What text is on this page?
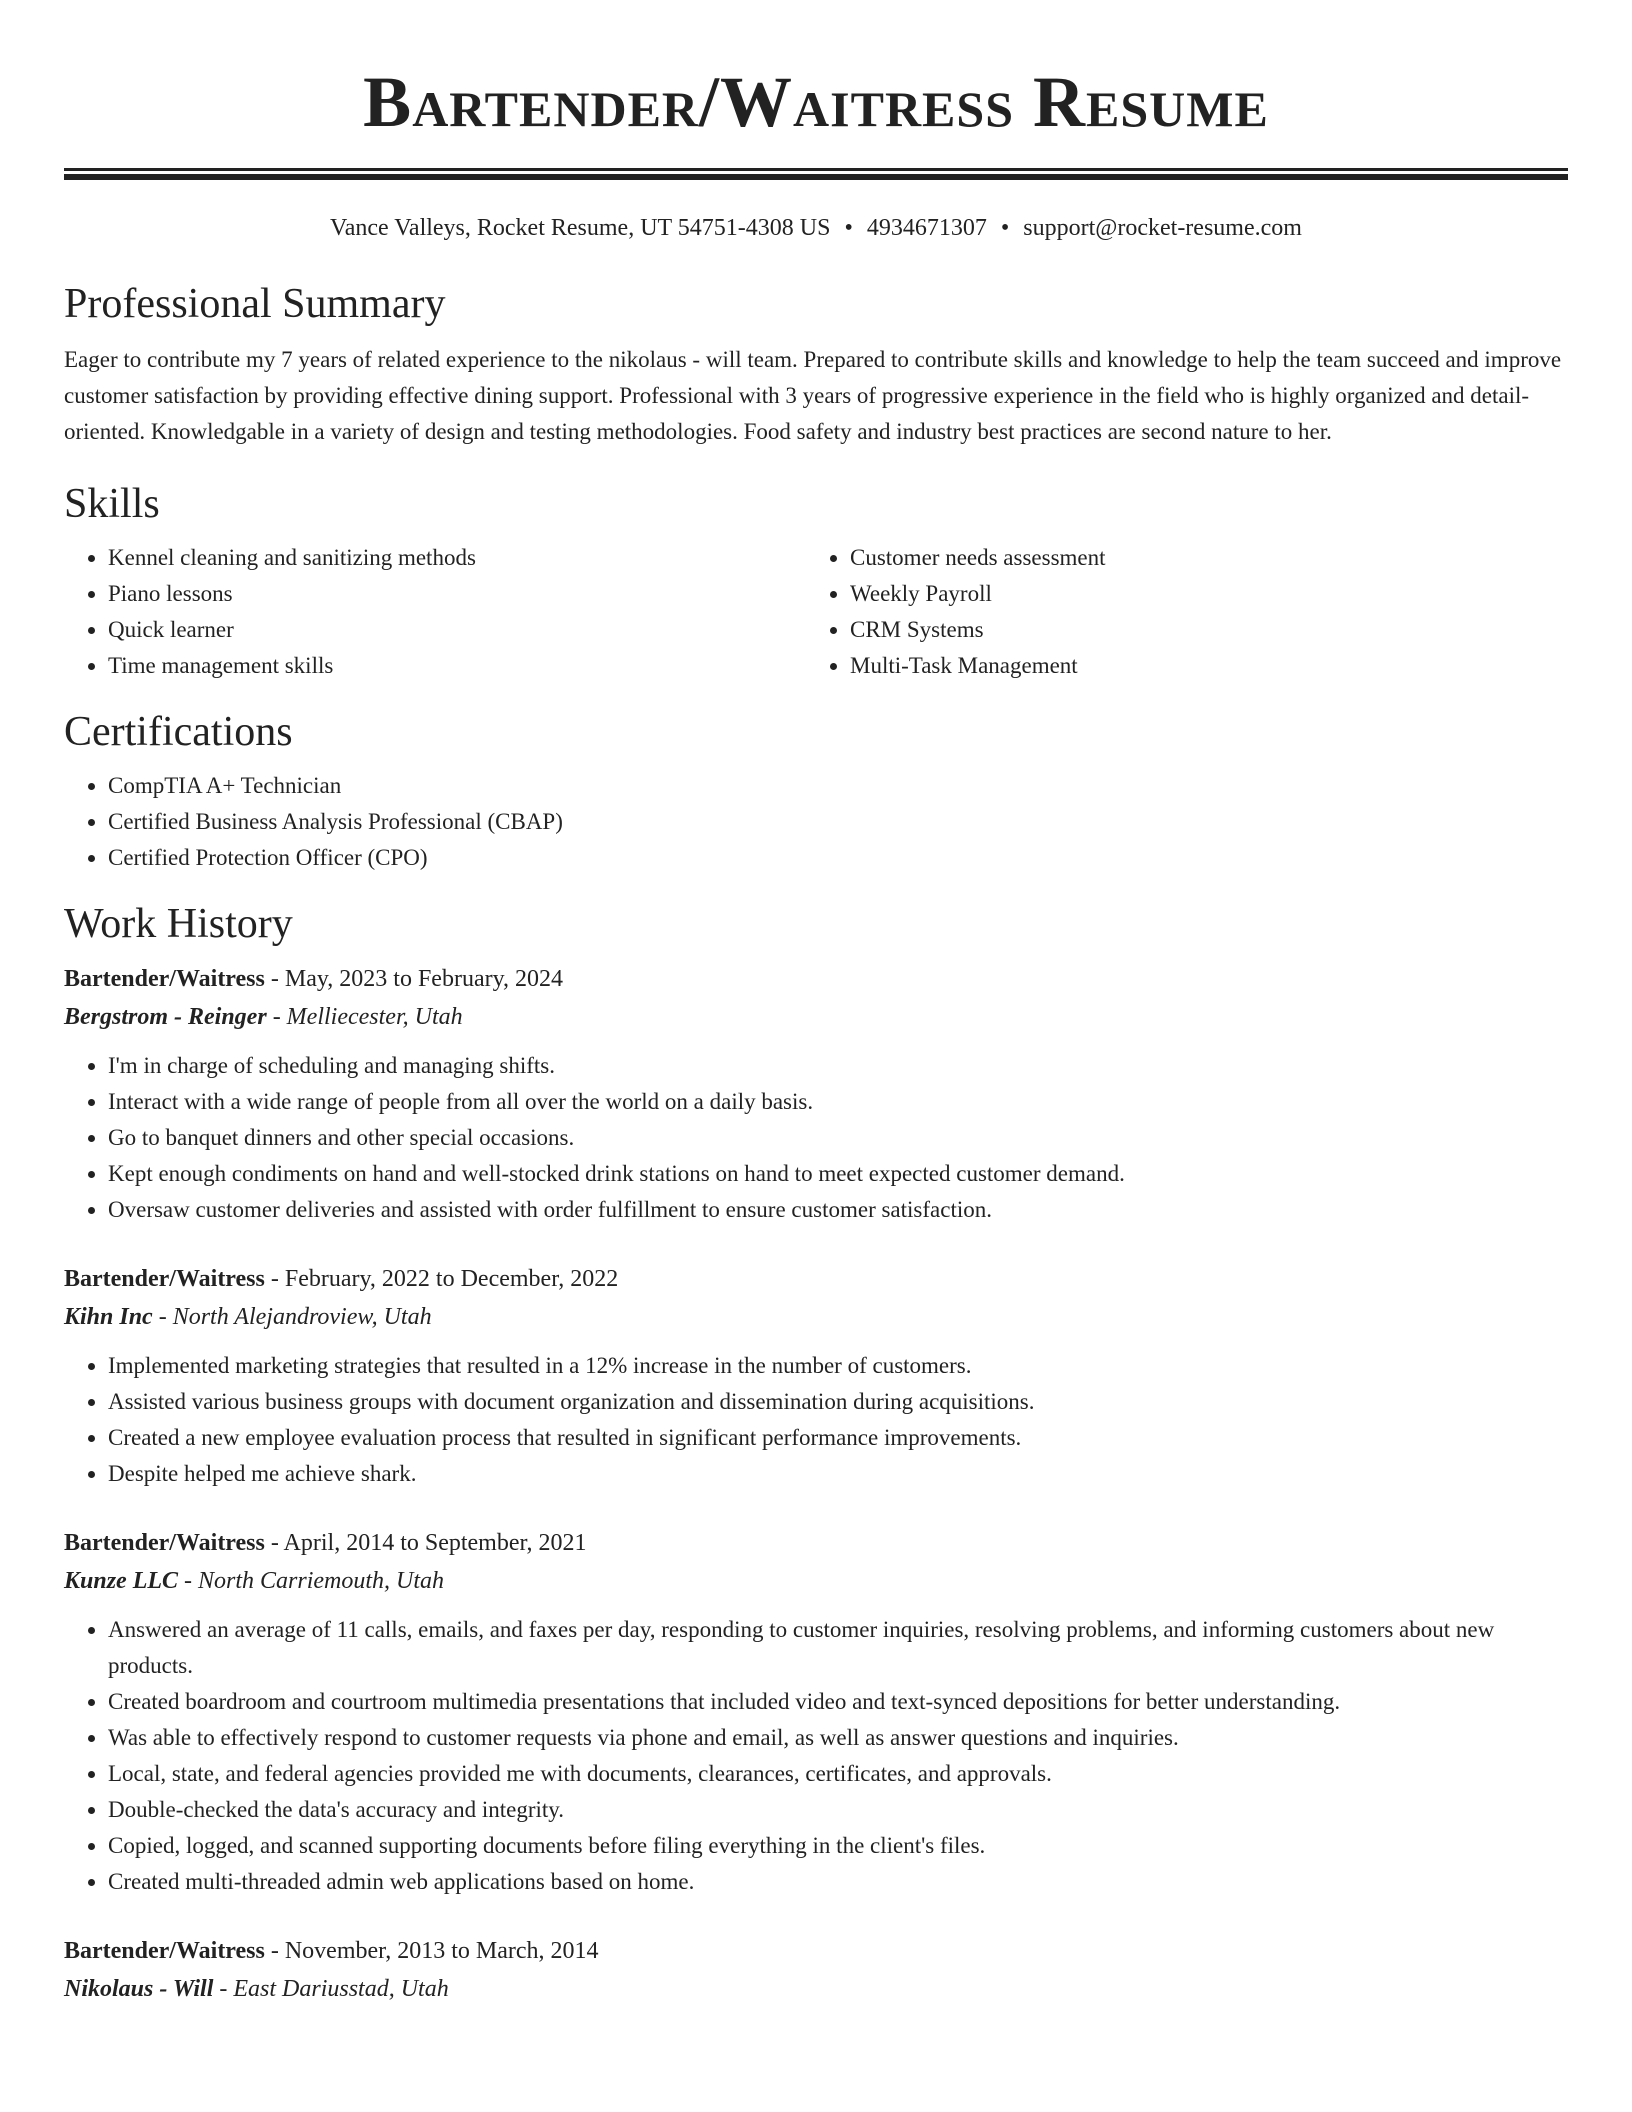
Bartender/Waitress Resume
Vance Valleys, Rocket Resume, UT 54751-4308 US • 4934671307 • support@rocket-resume.com
Professional Summary

Eager to contribute my 7 years of related experience to the nikolaus - will team. Prepared to contribute skills and knowledge to help the team succeed and improve customer satisfaction by providing effective dining support. Professional with 3 years of progressive experience in the field who is highly organized and detail-oriented. Knowledgable in a variety of design and testing methodologies. Food safety and industry best practices are second nature to her.

Skills
• Kennel cleaning and sanitizing methods
• Piano lessons
• Quick learner
• Time management skills
• Customer needs assessment
• Weekly Payroll
• CRM Systems
• Multi-Task Management
Certifications
• CompTIA A+ Technician
• Certified Business Analysis Professional (CBAP)
• Certified Protection Officer (CPO)
Work History
Bartender/Waitress - May, 2023 to February, 2024
Bergstrom - Reinger - Melliecester, Utah
• I'm in charge of scheduling and managing shifts.
• Interact with a wide range of people from all over the world on a daily basis.
• Go to banquet dinners and other special occasions.
• Kept enough condiments on hand and well-stocked drink stations on hand to meet expected customer demand.
• Oversaw customer deliveries and assisted with order fulfillment to ensure customer satisfaction.
Bartender/Waitress - February, 2022 to December, 2022
Kihn Inc - North Alejandroview, Utah
• Implemented marketing strategies that resulted in a 12% increase in the number of customers.
• Assisted various business groups with document organization and dissemination during acquisitions.
• Created a new employee evaluation process that resulted in significant performance improvements.
• Despite helped me achieve shark.
Bartender/Waitress - April, 2014 to September, 2021
Kunze LLC - North Carriemouth, Utah
• Answered an average of 11 calls, emails, and faxes per day, responding to customer inquiries, resolving problems, and informing customers about new products.
• Created boardroom and courtroom multimedia presentations that included video and text-synced depositions for better understanding.
• Was able to effectively respond to customer requests via phone and email, as well as answer questions and inquiries.
• Local, state, and federal agencies provided me with documents, clearances, certificates, and approvals.
• Double-checked the data's accuracy and integrity.
• Copied, logged, and scanned supporting documents before filing everything in the client's files.
• Created multi-threaded admin web applications based on home.
Bartender/Waitress - November, 2013 to March, 2014
Nikolaus - Will - East Dariusstad, Utah
